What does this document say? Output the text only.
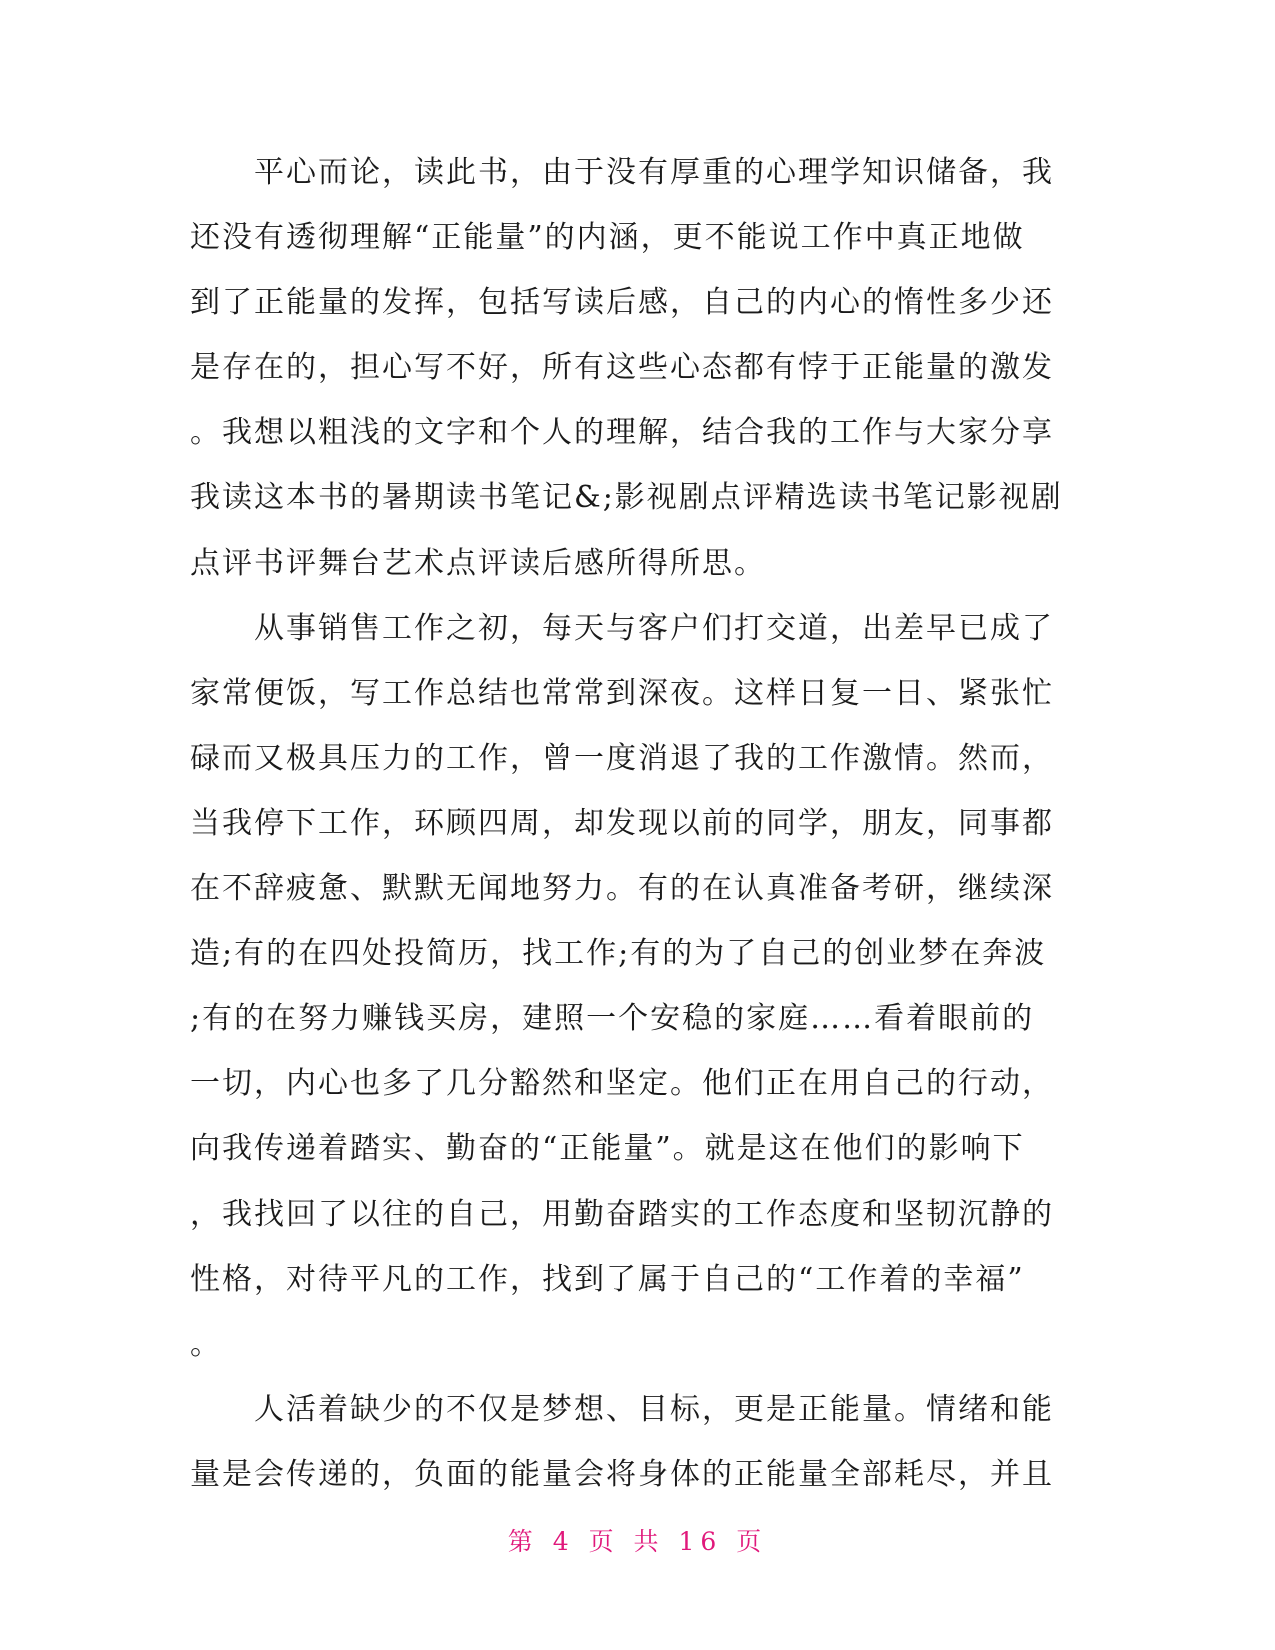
　　平心而论，读此书，由于没有厚重的心理学知识储备，我
还没有透彻理解“正能量”的内涵，更不能说工作中真正地做
到了正能量的发挥，包括写读后感，自己的内心的惰性多少还
是存在的，担心写不好，所有这些心态都有悖于正能量的激发
。我想以粗浅的文字和个人的理解，结合我的工作与大家分享
我读这本书的暑期读书笔记&;影视剧点评精选读书笔记影视剧
点评书评舞台艺术点评读后感所得所思。
　　从事销售工作之初，每天与客户们打交道，出差早已成了
家常便饭，写工作总结也常常到深夜。这样日复一日、紧张忙
碌而又极具压力的工作，曾一度消退了我的工作激情。然而，
当我停下工作，环顾四周，却发现以前的同学，朋友，同事都
在不辞疲惫、默默无闻地努力。有的在认真准备考研，继续深
造;有的在四处投简历，找工作;有的为了自己的创业梦在奔波
;有的在努力赚钱买房，建照一个安稳的家庭……看着眼前的
一切，内心也多了几分豁然和坚定。他们正在用自己的行动，
向我传递着踏实、勤奋的“正能量”。就是这在他们的影响下
，我找回了以往的自己，用勤奋踏实的工作态度和坚韧沉静的
性格，对待平凡的工作，找到了属于自己的“工作着的幸福”
。
　　人活着缺少的不仅是梦想、目标，更是正能量。情绪和能
量是会传递的，负面的能量会将身体的正能量全部耗尽，并且
第 4 页 共 16 页
